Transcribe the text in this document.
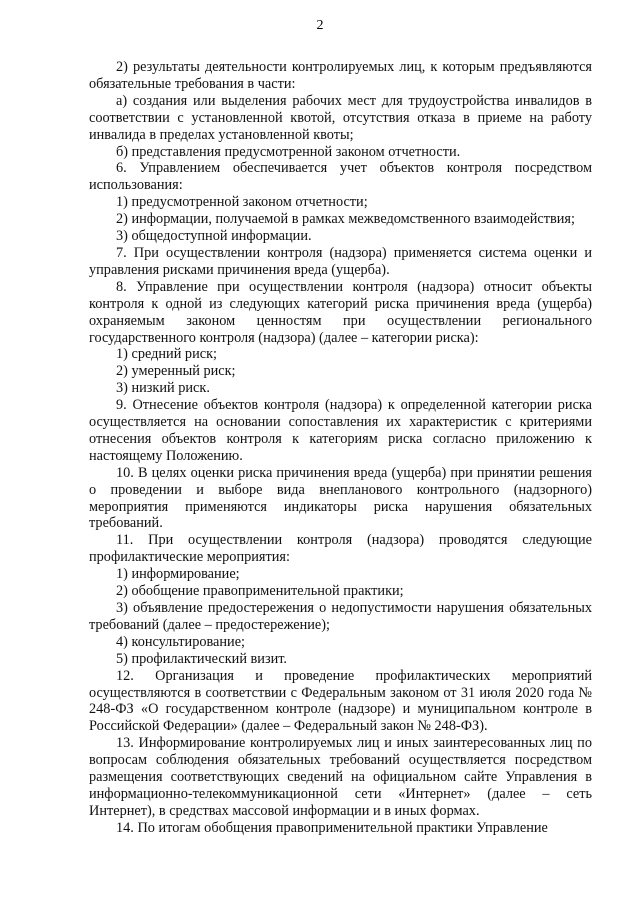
2

2) результаты деятельности контролируемых лиц, к которым предъявляются обязательные требования в части:

а) создания или выделения рабочих мест для трудоустройства инвалидов в соответствии с установленной квотой, отсутствия отказа в приеме на работу инвалида в пределах установленной квоты;

б) представления предусмотренной законом отчетности.

6. Управлением обеспечивается учет объектов контроля посредством использования:

1) предусмотренной законом отчетности;

2) информации, получаемой в рамках межведомственного взаимодействия;

3) общедоступной информации.

7. При осуществлении контроля (надзора) применяется система оценки и управления рисками причинения вреда (ущерба).

8. Управление при осуществлении контроля (надзора) относит объекты контроля к одной из следующих категорий риска причинения вреда (ущерба) охраняемым законом ценностям при осуществлении регионального государственного контроля (надзора) (далее – категории риска):

1) средний риск;

2) умеренный риск;

3) низкий риск.

9. Отнесение объектов контроля (надзора) к определенной категории риска осуществляется на основании сопоставления их характеристик с критериями отнесения объектов контроля к категориям риска согласно приложению к настоящему Положению.

10. В целях оценки риска причинения вреда (ущерба) при принятии решения о проведении и выборе вида внепланового контрольного (надзорного) мероприятия применяются индикаторы риска нарушения обязательных требований.

11. При осуществлении контроля (надзора) проводятся следующие профилактические мероприятия:

1) информирование;

2) обобщение правоприменительной практики;

3) объявление предостережения о недопустимости нарушения обязательных требований (далее – предостережение);

4) консультирование;

5) профилактический визит.

12. Организация и проведение профилактических мероприятий осуществляются в соответствии с Федеральным законом от 31 июля 2020 года № 248-ФЗ «О государственном контроле (надзоре) и муниципальном контроле в Российской Федерации» (далее – Федеральный закон № 248-ФЗ).

13. Информирование контролируемых лиц и иных заинтересованных лиц по вопросам соблюдения обязательных требований осуществляется посредством размещения соответствующих сведений на официальном сайте Управления в информационно-телекоммуникационной сети «Интернет» (далее – сеть Интернет), в средствах массовой информации и в иных формах.

14. По итогам обобщения правоприменительной практики Управление
